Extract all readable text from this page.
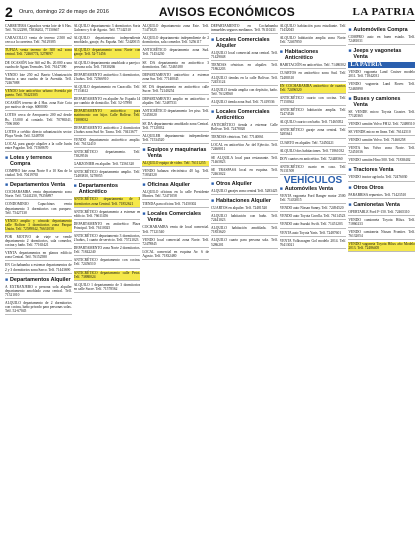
2	Oruro, domingo 22 de mayo de 2016	AVISOS ECONÓMICOS	LA PATRIA
CARRETERA Capachos venta lote de 6 Has. Telf. 76122298, 73836202, 77150667
CARACOLLO venta de terreno 2.500 m2 cerca a la carretera. Telf. 76129385
TUPIZA venta terreno de 300 m2 zona central. Telf. 72460774, 5278097
DE OCASIÓN lote 360 m2 Bs. 20.000 a una cuadra de Aguas Termales. Telf. 76147390
VENDO lote 250 m2 Barrio Urbanización Sancta a una cuadra de la Avenida. Telf. 72467088
VENDO lote anticrético urbano Avenida pie puerto. Telf. 70421505
OCASIÓN terreno de 4 Has. zona Este Cota por motivo de viaje. 6000000
LOTES cerca de Aeropuerto 200 m2 desde Bs. 15.000 al contado. Telf. 70786541, 75961800
LOTES a crédito directo urbanización sector Playa Verde. Telf. 5248700
LOCAL para garaje alquiler a la calle Junín entre Pagador. Telf. 71568670
■ Lotes y terrenos Compra
COMPRO lote zona Norte 8 a 10 Km de la ciudad. Telf. 70419765
■ Departamentos Venta
COCHABAMBA venta departamento zona Norte. Telf. 72441250, 79256897
CONDOMINIO Capuchinos venta departamento 3 dormitorios con parqueo. Telf. 75427130
VENDO amplio y cómodo departamento calle Bolívar 3 dormitorios zona Parque Unión. Telf. 72589842, 76631058
POR MOTIVO de viaje se vende departamento 2 dormitorios, sala comedor, cocina y baño. Telf. 77165421
VENTA departamentos en planos edificio zona Central. Telf. 76152580
EN Cochabamba a estrenar departamentos de 2 y 3 dormitorios zona Sarco. Telf. 71443690
■ Departamentos Alquiler
A EXTRANJERO o persona sola alquiler departamento amoblado zona central. Telf. 71521010
ALQUILO departamento de 2 dormitorios con cocina, baño privado para personas solas. Telf. 52-67045
ALQUILO departamento 3 dormitorios Soria Galvarro y 6 de Agosto. Telf. 77142510
ALQUILO departamento independiente amoblado, garaje, Av. España. Telf. 72420015
ALQUILO departamento zona Norte con garaje. Telf. 52-71456
ALQUILO departamento amoblado a pareja o persona sola. Telf. 71830266
DEPARTAMENTO anticrético 3 dormitorios, 2 baños. Telf. 72566910
ALQUILO departamento en Caracollo. Telf. 77154612
DEPARTAMENTO en alquiler Av. España 14 por cambio de domicilio. Telf. 52-57890
DEPARTAMENTO anticrético para matrimonio con hijos Calle Bolívar. Telf. 71888032
DEPARTAMENTO anticrético 2 dormitorios 2 baños zona Sud Av. Tacna. Telf. 70413677
VENDO departamento anticrético amplio. Telf. 76132410
ANTICRÉTICO departamento. Telf. 73829516
GARZONIER en alquiler. Telf. 72561320
ANTICRÉTICO departamento amplio. Telf. 72483810, 5278055
■ Departamentos Anticrético
ANTICRÉTICO departamento de 3 dormitorios zona Central. Telf. 71852621
ANTICRÉTICO departamento a estrenar en edificio. Telf. 76611456
DEPARTAMENTO en anticrético Plaza Principal. Telf. 76110025
ANTICRÉTICO departamento 3 dormitorios, 2 baños, 1 cuarto de servicio. Telf. 75721023
DEPARTAMENTO zona Norte 2 dormitorios. Telf. 71842240
ANTICRÉTICO departamento con cocina. Telf. 72456510
ANTICRÉTICO departamento calle Petot. Telf. 73880024
ALQUILO 1 departamento de 3 dormitorios en calle Sucre. Telf. 71578562
ALQUILO departamento zona Este. Telf. 71471025
ALQUILO departamento independiente de 2 dormitorios, sala comedor. Telf. 5256117
ANTICRÉTICO departamento zona Sud. Telf. 71454230
SE DA departamento en anticrético 3 dormitorios. Telf. 72465180
DEPARTAMENTO anticrético a estrenar zona Sur. Telf. 77140045
SE DA departamento en anticrético calle Sucre. Telf. 72140254
DEPARTAMENTO amplio en anticrético o alquiler. Telf. 72487531
ANTICRÉTICO departamento 1er piso. Telf. 72453020
SE DA departamento amoblado zona Central. Telf. 77120032
ALQUILER departamento independiente Telf. 71534520
■ Equipos y maquinarias Venta
ALQUILO equipo de video. Telf. 76111255
VENDO balanza electrónica 40 kg. Telf. 71834520
■ Oficinas Alquiler
ALQUILO oficinas en la calle Presidente Montes. Telf. 72471058
TIENDA para oficina Telf. 71450302
■ Locales Comerciales Venta
COCHABAMBA venta de local comercial. Telf. 77121540
VENDO local comercial zona Norte. Telf. 72478845
LOCAL comercial en esquina Av. 6 de Agosto. Telf. 71832480
DEPARTAMENTO en Cochabamba inmuebles seguros medianos. Telf. 76110231
■ Locales Comerciales Alquiler
ALQUILO local comercial zona central. Telf. 71429048
TIENDAS céntricas en alquiler. Telf. 71862203
ALQUILO tiendas en la calle Bolívar. Telf. 72453124
ALQUILO tienda amplia con depósito, baño. Telf. 76128560
ALQUILO tienda zona Sud. Telf. 71419536
■ Locales Comerciales Anticrético
ANTICRÉTICO tienda a estrenar Calle Bolívar. Telf. 72478020
TIENDAS céntricas. Telf. 77140061
LOCAL en anticrético Av. del Ejército. Telf. 72468011
SE ALQUILA local para restaurante. Telf. 71465823
SE TRASPASA local en esquina. Telf. 72463022
■ Otros Alquiler
ALQUILO garajes zona central Telf. 5283425
■ Habitaciones Alquiler
CUARTOS en alquiler. Telf. 72481520
ALQUILO habitación con baño. Telf. 72441023
ALQUILO habitación amoblada. Telf. 71853620
ALQUILO cuarto para persona sola. Telf. 5286201
ALQUILO habitación para estudiante. Telf. 71432045
ALQUILO habitación amplia zona Norte. Telf. 72467850
■ Habitaciones Anticrético
HABITACIÓN en anticrético. Telf. 71486502
CUARTOS en anticrético zona Sud. Telf. 72480310
EN COCHABAMBA anticrético de cuartos. Telf. 72496520
ANTICRÉTICO cuarto con cocina. Telf. 77150362
ANTICRÉTICO habitación amplia. Telf. 72474526
ALQUILO cuarto con baño. Telf. 71465052
ANTICRÉTICO garaje zona central. Telf. 5285641
CUARTO en alquiler. Telf. 72450221
ALQUILO dos habitaciones. Telf. 71861032
DOY cuartos en anticrético. Telf. 72448560
ANTICRÉTICO cuarto en casa. Telf. 76131508
VEHÍCULOS
■ Automóviles Venta
VENTA vagoneta Ford Ranger motor 2500. Telf. 71433015
VENDO auto Nissan Sunny. Telf. 72494520
VENDO auto Toyota Corolla. Telf. 76114523
VENDO auto Suzuki Swift. Telf. 71451203
VENTA auto Toyota Yaris. Telf. 72487601
VENTA Volkswagen Gol modelo 2014. Telf. 76413021
■ Automóviles Compra
COMPRO auto en buen estado. Telf. 72481031
■ Jeeps y vagonetas Venta
LA PATRIA
VENDO vagoneta Land Cruiser modelo 2011. Telf. 71842031
VENDO vagoneta Land Rover. Telf. 72465890
■ Buses y camiones Venta
SE VENDE micro Toyota Coaster. Telf. 77120365
VENDO camión Volvo FH12. Telf. 72488510
SE VENDE micro en línea. Telf. 76142510
VENDO camión Volvo. Telf. 71460258
VENTA bus Volvo zona Norte. Telf. 72451036
VENDO camión Hino 500. Telf. 71838402
■ Tractores Venta
VENDO tractor agrícola. Telf. 72476030
■ Otros Otros
PARABRISA repuestos. Telf. 71423510
■ Camionetas Venta
OFERTABLE Ford F-150. Telf. 72465310
VENDO camioneta Toyota Hilux. Telf. 71860233
VENDO camioneta Nissan Frontier. Telf. 76132054
VENDO vagoneta Toyota Hilux año Modelo 2013. Telf. 72486405
